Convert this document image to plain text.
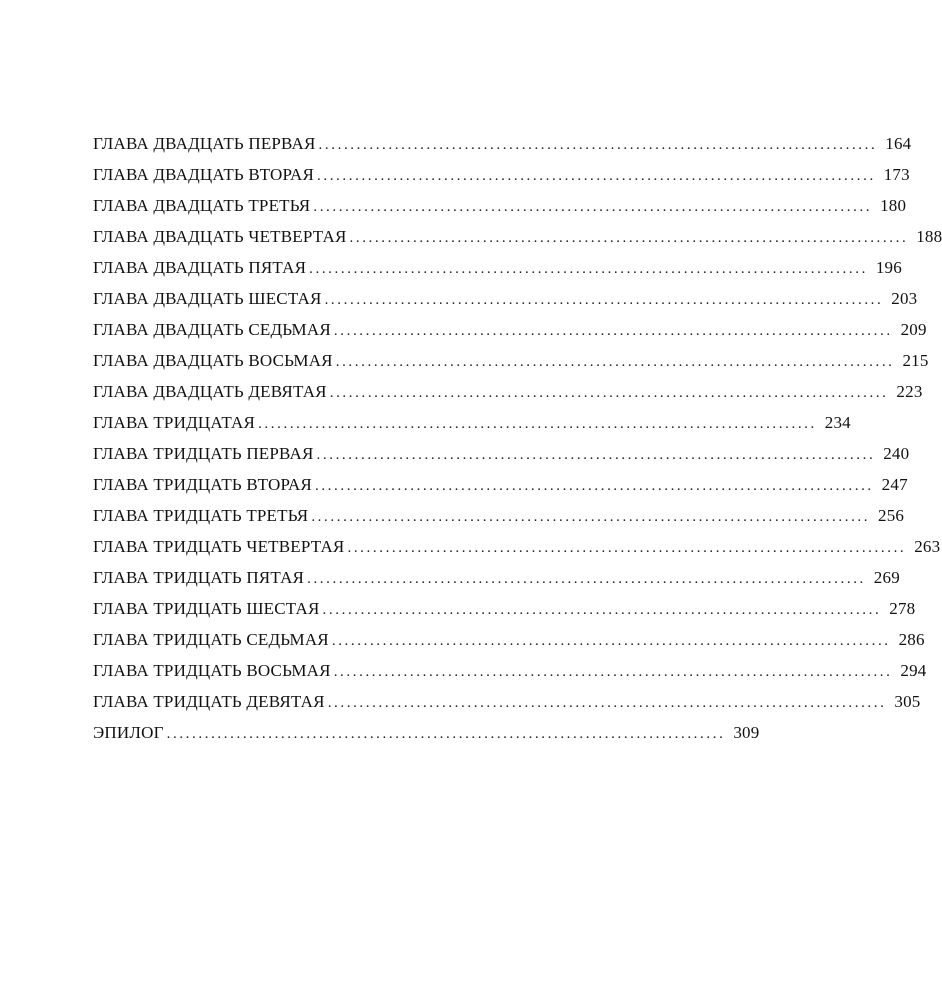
ГЛАВА ДВАДЦАТЬ ПЕРВАЯ ........................................................................................ 164
ГЛАВА ДВАДЦАТЬ ВТОРАЯ ........................................................................................ 173
ГЛАВА ДВАДЦАТЬ ТРЕТЬЯ ........................................................................................ 180
ГЛАВА ДВАДЦАТЬ ЧЕТВЕРТАЯ ........................................................................................ 188
ГЛАВА ДВАДЦАТЬ ПЯТАЯ ........................................................................................ 196
ГЛАВА ДВАДЦАТЬ ШЕСТАЯ ........................................................................................ 203
ГЛАВА ДВАДЦАТЬ СЕДЬМАЯ ........................................................................................ 209
ГЛАВА ДВАДЦАТЬ ВОСЬМАЯ ........................................................................................ 215
ГЛАВА ДВАДЦАТЬ ДЕВЯТАЯ ........................................................................................ 223
ГЛАВА ТРИДЦАТАЯ ........................................................................................ 234
ГЛАВА ТРИДЦАТЬ ПЕРВАЯ ........................................................................................ 240
ГЛАВА ТРИДЦАТЬ ВТОРАЯ ........................................................................................ 247
ГЛАВА ТРИДЦАТЬ ТРЕТЬЯ ........................................................................................ 256
ГЛАВА ТРИДЦАТЬ ЧЕТВЕРТАЯ ........................................................................................ 263
ГЛАВА ТРИДЦАТЬ ПЯТАЯ ........................................................................................ 269
ГЛАВА ТРИДЦАТЬ ШЕСТАЯ ........................................................................................ 278
ГЛАВА ТРИДЦАТЬ СЕДЬМАЯ ........................................................................................ 286
ГЛАВА ТРИДЦАТЬ ВОСЬМАЯ ........................................................................................ 294
ГЛАВА ТРИДЦАТЬ ДЕВЯТАЯ ........................................................................................ 305
ЭПИЛОГ ........................................................................................ 309
